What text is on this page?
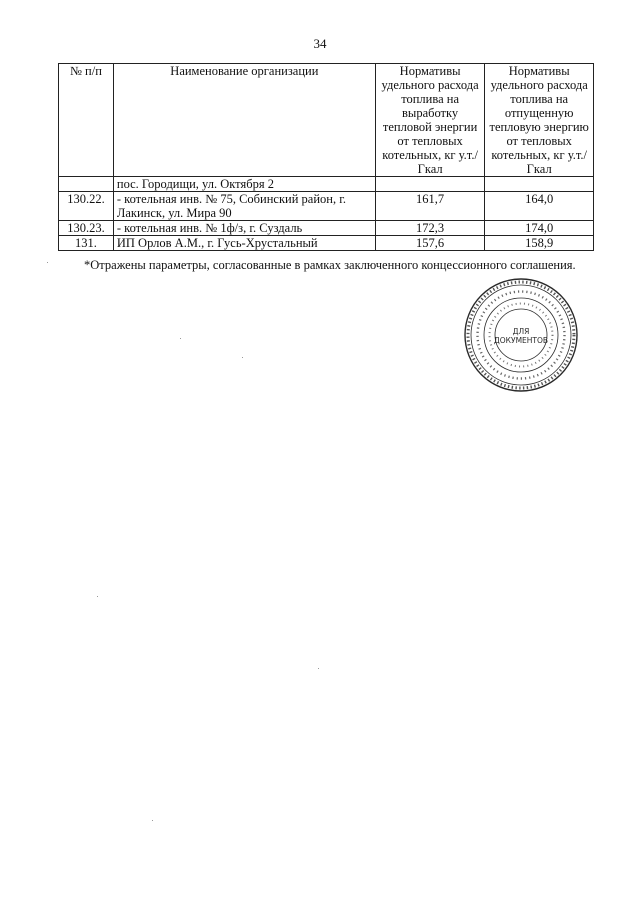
34
№ п/п	Наименование организации	Нормативы удельного расхода топлива на выработку тепловой энергии от тепловых котельных, кг у.т./Гкал	Нормативы удельного расхода топлива на отпущенную тепловую энергию от тепловых котельных, кг у.т./Гкал
	пос. Городищи, ул. Октября 2		
130.22.	- котельная инв. № 75, Собинский район, г. Лакинск, ул. Мира 90	161,7	164,0
130.23.	- котельная инв. № 1ф/з, г. Суздаль	172,3	174,0
131.	ИП Орлов А.М., г. Гусь-Хрустальный	157,6	158,9
*Отражены параметры, согласованные в рамках заключенного концессионного соглашения.
ДЛЯ
ДОКУМЕНТОВ
